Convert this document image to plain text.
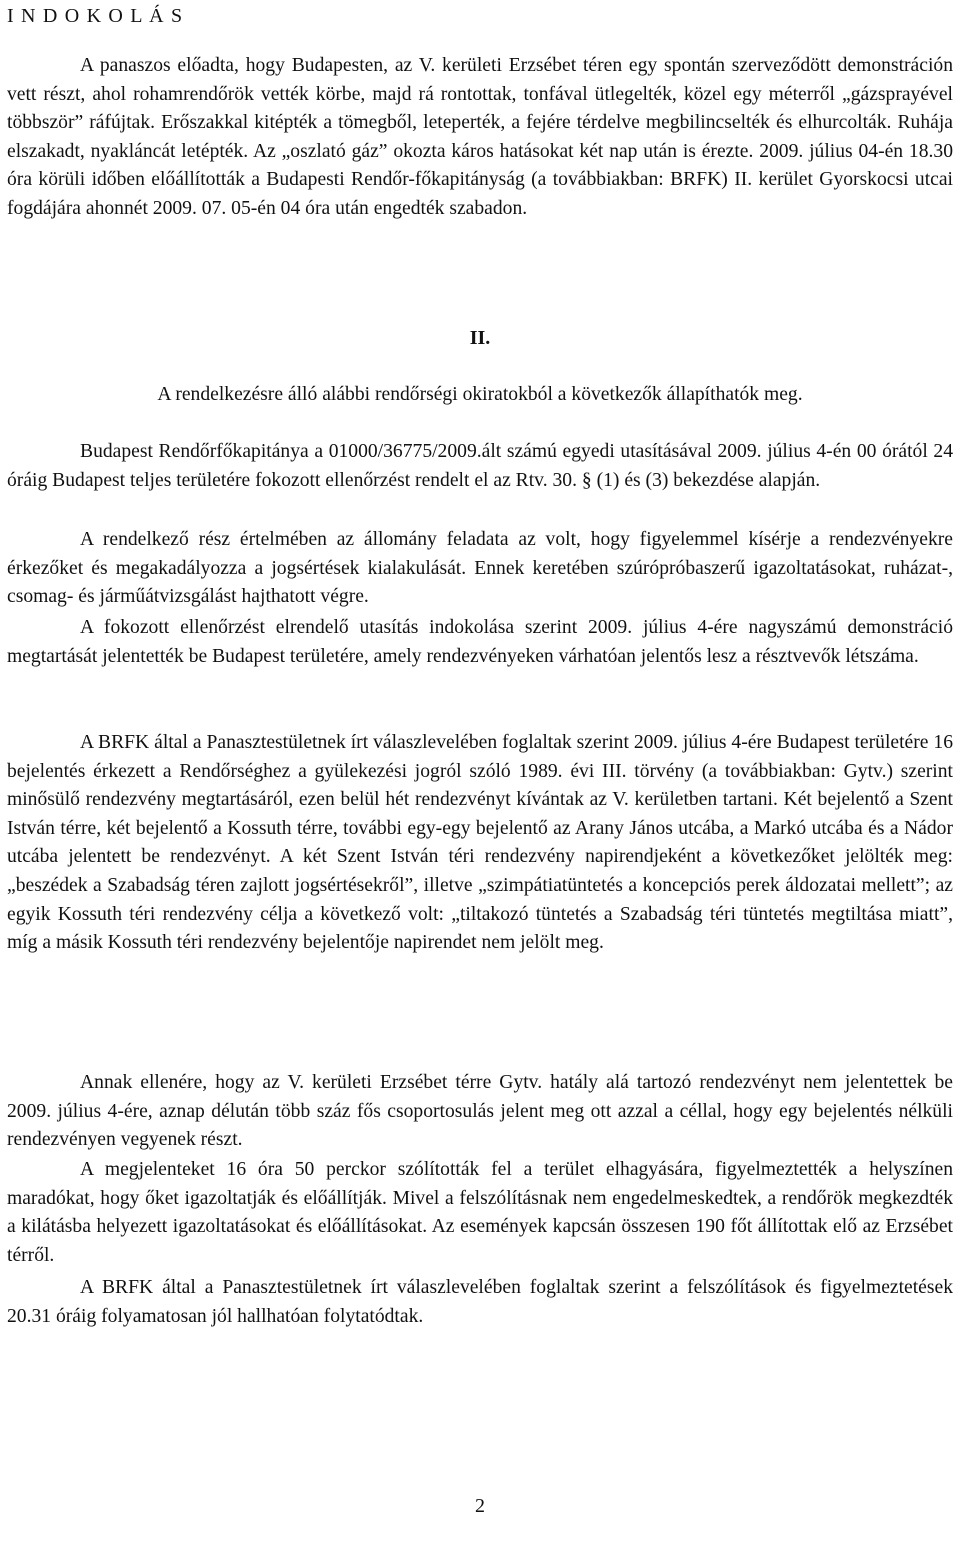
I N D O K O L Á S

A panaszos előadta, hogy Budapesten, az V. kerületi Erzsébet téren egy spontán szerveződött demonstráción vett részt, ahol rohamrendőrök vették körbe, majd rá rontottak, tonfával ütlegelték, közel egy méterről „gázsprayével többször” ráfújtak. Erőszakkal kitépték a tömegből, leteperték, a fejére térdelve megbilincselték és elhurcolták. Ruhája elszakadt, nyakláncát letépték. Az „oszlató gáz” okozta káros hatásokat két nap után is érezte. 2009. július 04-én 18.30 óra körüli időben előállították a Budapesti Rendőr-főkapitányság (a továbbiakban: BRFK) II. kerület Gyorskocsi utcai fogdájára ahonnét 2009. 07. 05-én 04 óra után engedték szabadon.

II.

A rendelkezésre álló alábbi rendőrségi okiratokból a következők állapíthatók meg.

Budapest Rendőrfőkapitánya a 01000/36775/2009.ált számú egyedi utasításával 2009. július 4-én 00 órától 24 óráig Budapest teljes területére fokozott ellenőrzést rendelt el az Rtv. 30. § (1) és (3) bekezdése alapján.

A rendelkező rész értelmében az állomány feladata az volt, hogy figyelemmel kísérje a rendezvényekre érkezőket és megakadályozza a jogsértések kialakulását. Ennek keretében szúrópróbaszerű igazoltatásokat, ruházat-, csomag- és járműátvizsgálást hajthatott végre.

A fokozott ellenőrzést elrendelő utasítás indokolása szerint 2009. július 4-ére nagyszámú demonstráció megtartását jelentették be Budapest területére, amely rendezvényeken várhatóan jelentős lesz a résztvevők létszáma.

A BRFK által a Panasztestületnek írt válaszlevelében foglaltak szerint 2009. július 4-ére Budapest területére 16 bejelentés érkezett a Rendőrséghez a gyülekezési jogról szóló 1989. évi III. törvény (a továbbiakban: Gytv.) szerint minősülő rendezvény megtartásáról, ezen belül hét rendezvényt kívántak az V. kerületben tartani. Két bejelentő a Szent István térre, két bejelentő a Kossuth térre, további egy-egy bejelentő az Arany János utcába, a Markó utcába és a Nádor utcába jelentett be rendezvényt. A két Szent István téri rendezvény napirendjeként a következőket jelölték meg: „beszédek a Szabadság téren zajlott jogsértésekről”, illetve „szimpátiatüntetés a koncepciós perek áldozatai mellett”; az egyik Kossuth téri rendezvény célja a következő volt: „tiltakozó tüntetés a Szabadság téri tüntetés megtiltása miatt”, míg a másik Kossuth téri rendezvény bejelentője napirendet nem jelölt meg.

Annak ellenére, hogy az V. kerületi Erzsébet térre Gytv. hatály alá tartozó rendezvényt nem jelentettek be 2009. július 4-ére, aznap délután több száz fős csoportosulás jelent meg ott azzal a céllal, hogy egy bejelentés nélküli rendezvényen vegyenek részt.

A megjelenteket 16 óra 50 perckor szólították fel a terület elhagyására, figyelmeztették a helyszínen maradókat, hogy őket igazoltatják és előállítják. Mivel a felszólításnak nem engedelmeskedtek, a rendőrök megkezdték a kilátásba helyezett igazoltatásokat és előállításokat. Az események kapcsán összesen 190 főt állítottak elő az Erzsébet térről.

A BRFK által a Panasztestületnek írt válaszlevelében foglaltak szerint a felszólítások és figyelmeztetések 20.31 óráig folyamatosan jól hallhatóan folytatódtak.

2
